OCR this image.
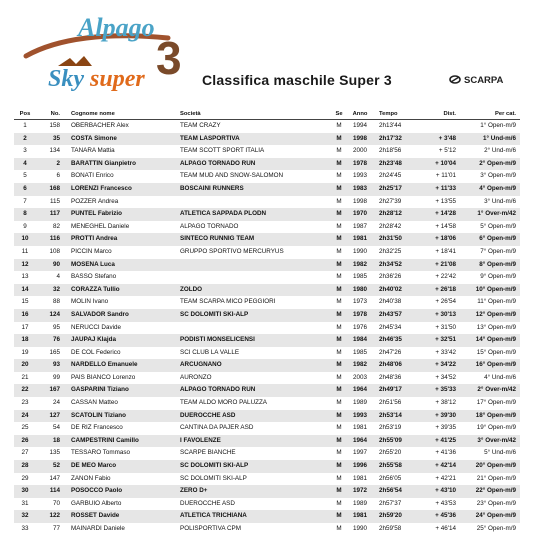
Alpago
Sky super 3 Classifica maschile Super 3	SCARPA
Pos	No.	Cognome nome	Società	Se	Anno	Tempo	Dist.	Per cat.
1	158	OBERBACHER Alex	TEAM CRAZY	M	1994	2h13'44		1° Open-m/9
2	35	COSTA Simone	TEAM LASPORTIVA	M	1998	2h17'32	+ 3'48	1° Und-m/6
3	134	TANARA Mattia	TEAM SCOTT SPORT ITALIA	M	2000	2h18'56	+ 5'12	2° Und-m/6
4	2	BARATTIN Gianpietro	ALPAGO TORNADO RUN	M	1978	2h23'48	+ 10'04	2° Open-m/9
5	6	BONATI Enrico	TEAM MUD AND SNOW-SALOMON	M	1993	2h24'45	+ 11'01	3° Open-m/9
6	168	LORENZI Francesco	BOSCAINI RUNNERS	M	1983	2h25'17	+ 11'33	4° Open-m/9
7	115	POZZER Andrea		M	1998	2h27'39	+ 13'55	3° Und-m/6
8	117	PUNTEL Fabrizio	ATLETICA SAPPADA PLODN	M	1970	2h28'12	+ 14'28	1° Over-m/42
9	82	MENEGHEL Daniele	ALPAGO TORNADO	M	1987	2h28'42	+ 14'58	5° Open-m/9
10	116	PROTTI Andrea	SINTECO RUNNIG TEAM	M	1981	2h31'50	+ 18'06	6° Open-m/9
11	108	PICCIN Marco	GRUPPO SPORTIVO MERCURYUS	M	1990	2h32'25	+ 18'41	7° Open-m/9
12	90	MOSENA Luca		M	1982	2h34'52	+ 21'08	8° Open-m/9
13	4	BASSO Stefano		M	1985	2h36'26	+ 22'42	9° Open-m/9
14	32	CORAZZA Tullio	ZOLDO	M	1980	2h40'02	+ 26'18	10° Open-m/9
15	88	MOLIN Ivano	TEAM SCARPA MICO PEGGIORI	M	1973	2h40'38	+ 26'54	11° Open-m/9
16	124	SALVADOR Sandro	SC DOLOMITI SKI-ALP	M	1978	2h43'57	+ 30'13	12° Open-m/9
17	95	NERUCCI Davide		M	1976	2h45'34	+ 31'50	13° Open-m/9
18	76	JAUPAJ Klajda	PODISTI MONSELICENSI	M	1984	2h46'35	+ 32'51	14° Open-m/9
19	165	DE COL Federico	SCI CLUB LA VALLE	M	1985	2h47'26	+ 33'42	15° Open-m/9
20	93	NARDELLO Emanuele	ARCUGNANO	M	1982	2h48'06	+ 34'22	16° Open-m/9
21	99	PAIS BIANCO Lorenzo	AURONZO	M	2003	2h48'36	+ 34'52	4° Und-m/6
22	167	GASPARINI Tiziano	ALPAGO TORNADO RUN	M	1964	2h49'17	+ 35'33	2° Over-m/42
23	24	CASSAN Matteo	TEAM ALDO MORO PALUZZA	M	1989	2h51'56	+ 38'12	17° Open-m/9
24	127	SCATOLIN Tiziano	DUEROCCHE ASD	M	1993	2h53'14	+ 39'30	18° Open-m/9
25	54	DE RIZ Francesco	CANTINA DA PAJER ASD	M	1981	2h53'19	+ 39'35	19° Open-m/9
26	18	CAMPESTRINI Camillo	I FAVOLENZE	M	1964	2h55'09	+ 41'25	3° Over-m/42
27	135	TESSARO Tommaso	SCARPE BIANCHE	M	1997	2h55'20	+ 41'36	5° Und-m/6
28	52	DE MEO Marco	SC DOLOMITI SKI-ALP	M	1996	2h55'58	+ 42'14	20° Open-m/9
29	147	ZANON Fabio	SC DOLOMITI SKI-ALP	M	1981	2h56'05	+ 42'21	21° Open-m/9
30	114	POSOCCO Paolo	ZERO D+	M	1972	2h56'54	+ 43'10	22° Open-m/9
31	70	GARBUIO Alberto	DUEROCCHE ASD	M	1989	2h57'37	+ 43'53	23° Open-m/9
32	122	ROSSET Davide	ATLETICA TRICHIANA	M	1981	2h59'20	+ 45'36	24° Open-m/9
33	77	MAINARDI Daniele	POLISPORTIVA CPM	M	1990	2h59'58	+ 46'14	25° Open-m/9
